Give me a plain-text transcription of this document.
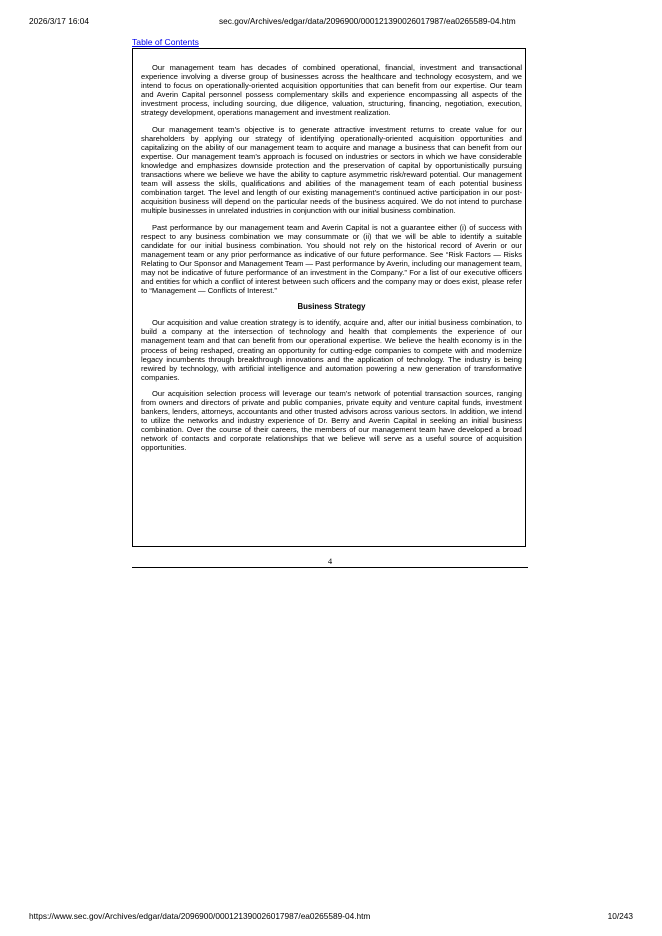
2026/3/17 16:04	sec.gov/Archives/edgar/data/2096900/000121390026017987/ea0265589-04.htm
Table of Contents

Our management team has decades of combined operational, financial, investment and transactional experience involving a diverse group of businesses across the healthcare and technology ecosystem, and we intend to focus on operationally-oriented acquisition opportunities that can benefit from our expertise. Our team and Averin Capital personnel possess complementary skills and experience encompassing all aspects of the investment process, including sourcing, due diligence, valuation, structuring, financing, negotiation, execution, strategy development, operations management and investment realization.

Our management team’s objective is to generate attractive investment returns to create value for our shareholders by applying our strategy of identifying operationally-oriented acquisition opportunities and capitalizing on the ability of our management team to acquire and manage a business that can benefit from our expertise. Our management team’s approach is focused on industries or sectors in which we have considerable knowledge and emphasizes downside protection and the preservation of capital by opportunistically pursuing transactions where we believe we have the ability to capture asymmetric risk/reward potential. Our management team will assess the skills, qualifications and abilities of the management team of each potential business combination target. The level and length of our existing management’s continued active participation in our post-acquisition business will depend on the particular needs of the business acquired. We do not intend to purchase multiple businesses in unrelated industries in conjunction with our initial business combination.

Past performance by our management team and Averin Capital is not a guarantee either (i) of success with respect to any business combination we may consummate or (ii) that we will be able to identify a suitable candidate for our initial business combination. You should not rely on the historical record of Averin or our management team or any prior performance as indicative of our future performance. See “Risk Factors — Risks Relating to Our Sponsor and Management Team — Past performance by Averin, including our management team, may not be indicative of future performance of an investment in the Company.” For a list of our executive officers and entities for which a conflict of interest between such officers and the company may or does exist, please refer to “Management — Conflicts of Interest.”

Business Strategy

Our acquisition and value creation strategy is to identify, acquire and, after our initial business combination, to build a company at the intersection of technology and health that complements the experience of our management team and that can benefit from our operational expertise. We believe the health economy is in the process of being reshaped, creating an opportunity for cutting-edge companies to compete with and modernize legacy incumbents through breakthrough innovations and the application of technology. The industry is being rewired by technology, with artificial intelligence and automation powering a new generation of transformative companies.

Our acquisition selection process will leverage our team’s network of potential transaction sources, ranging from owners and directors of private and public companies, private equity and venture capital funds, investment bankers, lenders, attorneys, accountants and other trusted advisors across various sectors. In addition, we intend to utilize the networks and industry experience of Dr. Berry and Averin Capital in seeking an initial business combination. Over the course of their careers, the members of our management team have developed a broad network of contacts and corporate relationships that we believe will serve as a useful source of acquisition opportunities.

4
https://www.sec.gov/Archives/edgar/data/2096900/000121390026017987/ea0265589-04.htm	10/243
